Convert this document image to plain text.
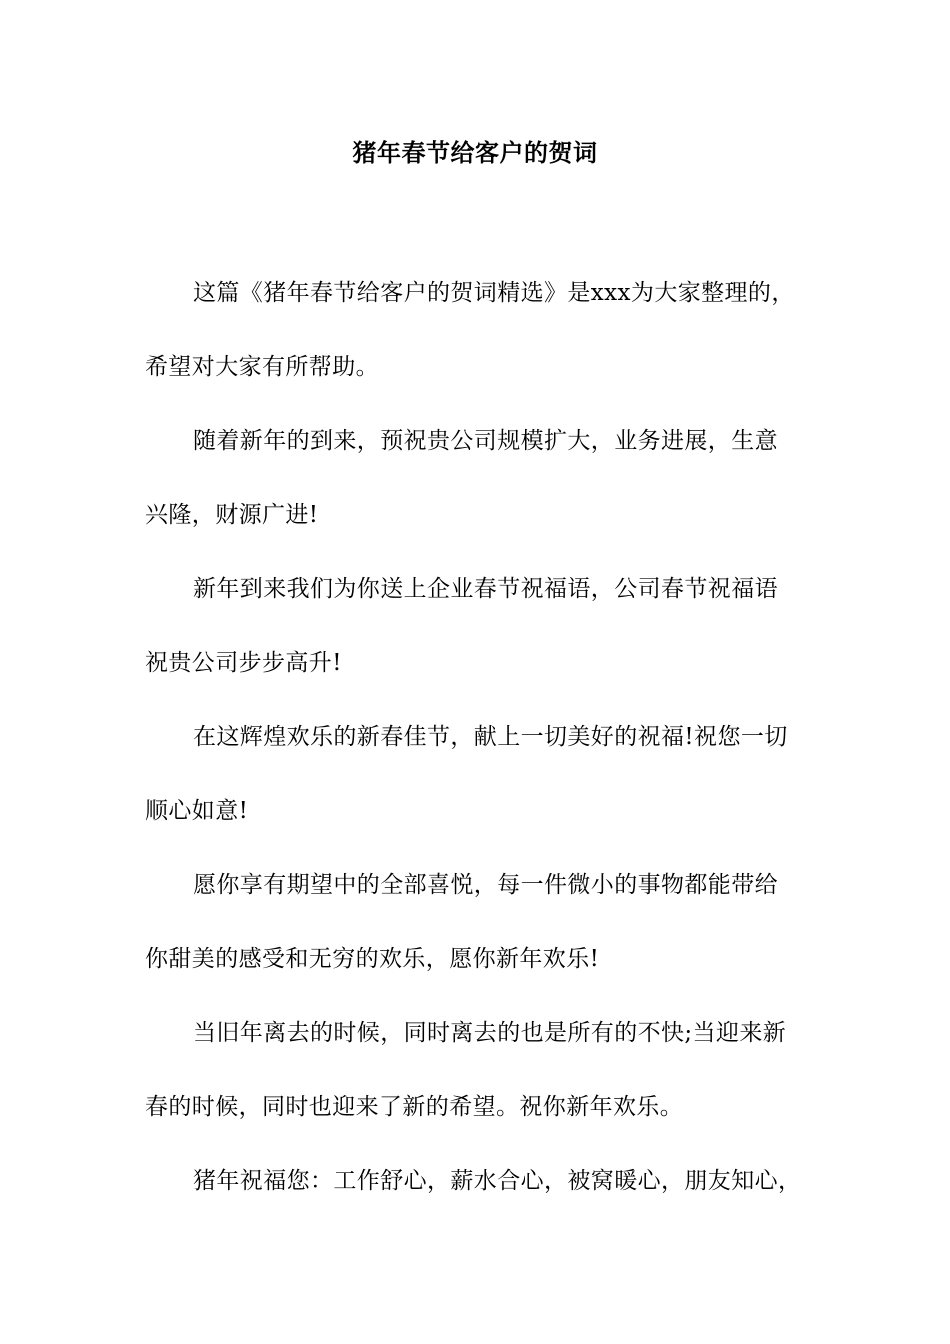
猪年春节给客户的贺词

这篇《猪年春节给客户的贺词精选》是xxx为大家整理的，
希望对大家有所帮助。

随着新年的到来，预祝贵公司规模扩大，业务进展，生意
兴隆，财源广进!

新年到来我们为你送上企业春节祝福语，公司春节祝福语
祝贵公司步步高升!

在这辉煌欢乐的新春佳节，献上一切美好的祝福!祝您一切
顺心如意!

愿你享有期望中的全部喜悦，每一件微小的事物都能带给
你甜美的感受和无穷的欢乐，愿你新年欢乐!

当旧年离去的时候，同时离去的也是所有的不快;当迎来新
春的时候，同时也迎来了新的希望。祝你新年欢乐。

猪年祝福您：工作舒心，薪水合心，被窝暖心，朋友知心，
